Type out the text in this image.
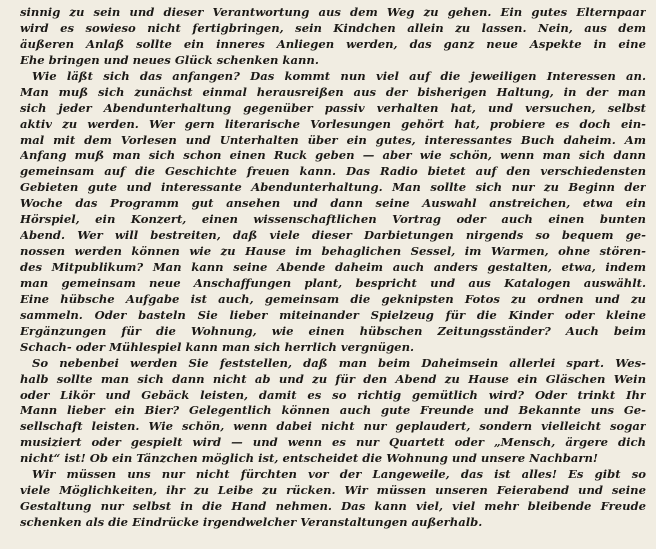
sinnig zu sein und dieser Verantwortung aus dem Weg zu gehen. Ein gutes Elternpaar
wird es sowieso nicht fertigbringen, sein Kindchen allein zu lassen. Nein, aus dem
äußeren Anlaß sollte ein inneres Anliegen werden, das ganz neue Aspekte in eine
Ehe bringen und neues Glück schenken kann.

Wie läßt sich das anfangen? Das kommt nun viel auf die jeweiligen Interessen an.
Man muß sich zunächst einmal herausreißen aus der bisherigen Haltung, in der man
sich jeder Abendunterhaltung gegenüber passiv verhalten hat, und versuchen, selbst
aktiv zu werden. Wer gern literarische Vorlesungen gehört hat, probiere es doch ein-
mal mit dem Vorlesen und Unterhalten über ein gutes, interessantes Buch daheim. Am
Anfang muß man sich schon einen Ruck geben — aber wie schön, wenn man sich dann
gemeinsam auf die Geschichte freuen kann. Das Radio bietet auf den verschiedensten
Gebieten gute und interessante Abendunterhaltung. Man sollte sich nur zu Beginn der
Woche das Programm gut ansehen und dann seine Auswahl anstreichen, etwa ein
Hörspiel, ein Konzert, einen wissenschaftlichen Vortrag oder auch einen bunten
Abend. Wer will bestreiten, daß viele dieser Darbietungen nirgends so bequem ge-
nossen werden können wie zu Hause im behaglichen Sessel, im Warmen, ohne stören-
des Mitpublikum? Man kann seine Abende daheim auch anders gestalten, etwa, indem
man gemeinsam neue Anschaffungen plant, bespricht und aus Katalogen auswählt.
Eine hübsche Aufgabe ist auch, gemeinsam die geknipsten Fotos zu ordnen und zu
sammeln. Oder basteln Sie lieber miteinander Spielzeug für die Kinder oder kleine
Ergänzungen für die Wohnung, wie einen hübschen Zeitungsständer? Auch beim
Schach- oder Mühlespiel kann man sich herrlich vergnügen.

So nebenbei werden Sie feststellen, daß man beim Daheimsein allerlei spart. Wes-
halb sollte man sich dann nicht ab und zu für den Abend zu Hause ein Gläschen Wein
oder Likör und Gebäck leisten, damit es so richtig gemütlich wird? Oder trinkt Ihr
Mann lieber ein Bier? Gelegentlich können auch gute Freunde und Bekannte uns Ge-
sellschaft leisten. Wie schön, wenn dabei nicht nur geplaudert, sondern vielleicht sogar
musiziert oder gespielt wird — und wenn es nur Quartett oder „Mensch, ärgere dich
nicht“ ist! Ob ein Tänzchen möglich ist, entscheidet die Wohnung und unsere Nachbarn!

Wir müssen uns nur nicht fürchten vor der Langeweile, das ist alles! Es gibt so
viele Möglichkeiten, ihr zu Leibe zu rücken. Wir müssen unseren Feierabend und seine
Gestaltung nur selbst in die Hand nehmen. Das kann viel, viel mehr bleibende Freude
schenken als die Eindrücke irgendwelcher Veranstaltungen außerhalb.
